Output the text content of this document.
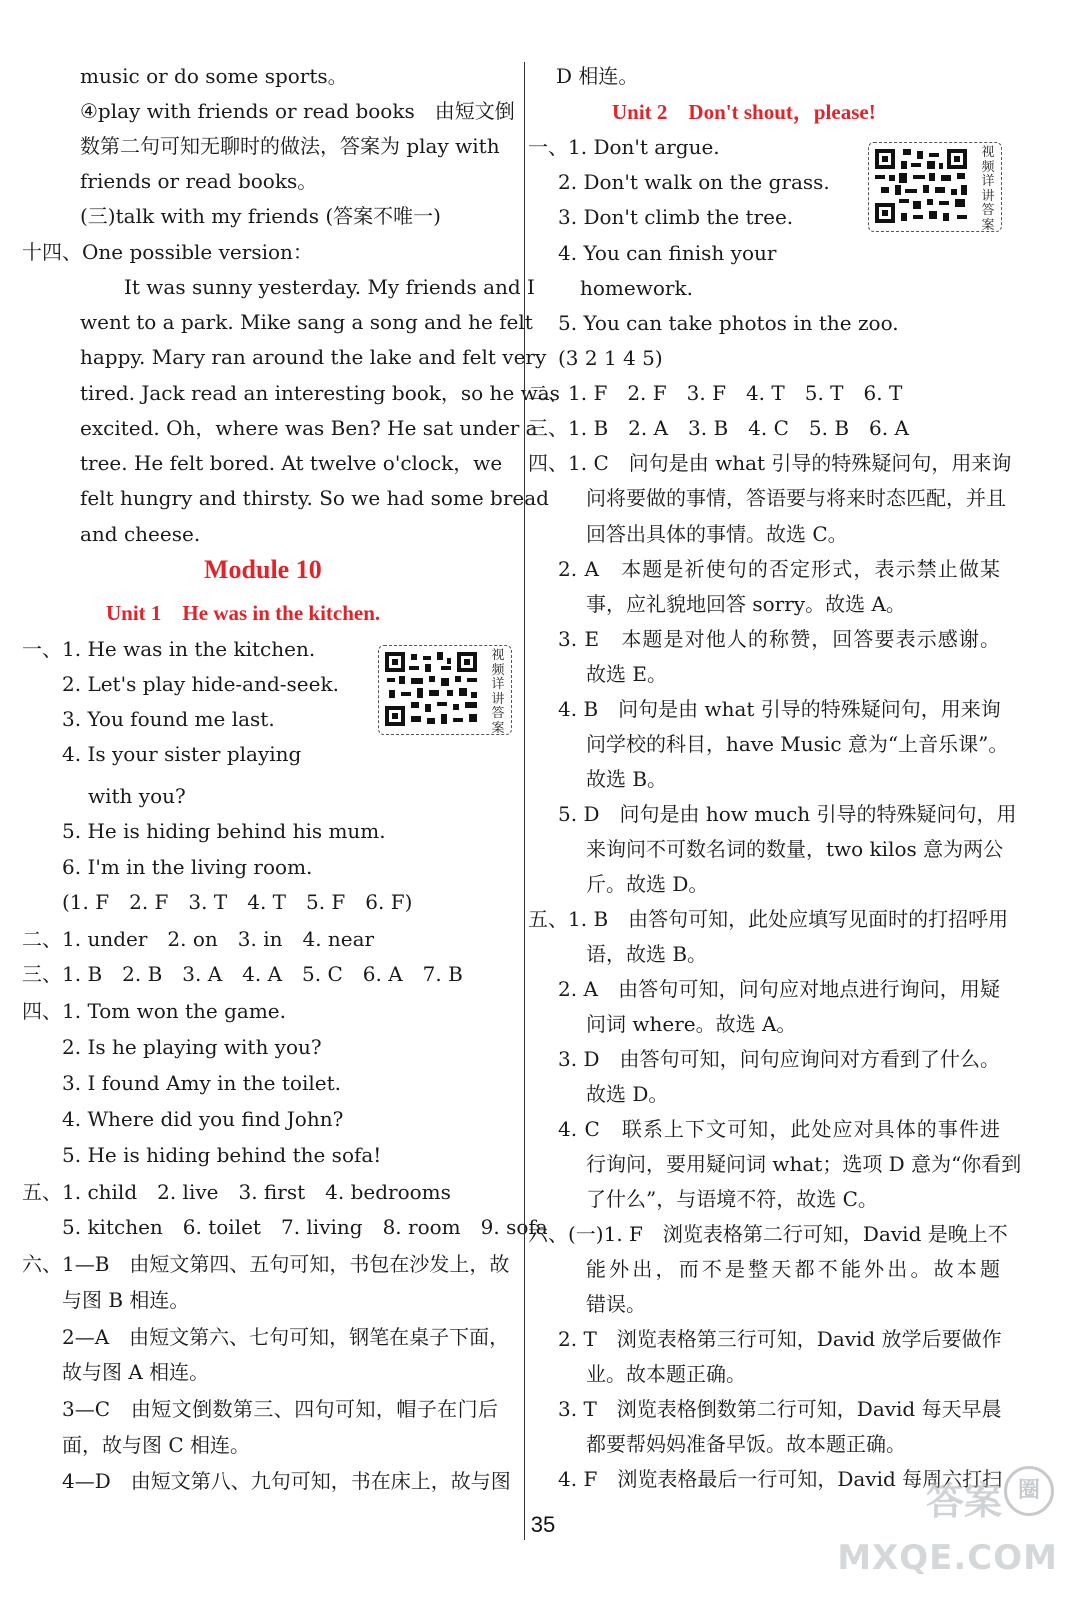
music or do some sports。
④play with friends or read books　由短文倒
数第二句可知无聊时的做法，答案为 play with
friends or read books。
(三)talk with my friends (答案不唯一)
十四、One possible version：
It was sunny yesterday. My friends and I
went to a park. Mike sang a song and he felt
happy. Mary ran around the lake and felt very
tired. Jack read an interesting book，so he was
excited. Oh，where was Ben? He sat under a
tree. He felt bored. At twelve o'clock，we
felt hungry and thirsty. So we had some bread
and cheese.
Module 10
Unit 1　He was in the kitchen.
一、1. He was in the kitchen.
2. Let's play hide-and-seek.
3. You found me last.
4. Is your sister playing
with you?
5. He is hiding behind his mum.
6. I'm in the living room.
(1. F　2. F　3. T　4. T　5. F　6. F)
二、1. under　2. on　3. in　4. near
三、1. B　2. B　3. A　4. A　5. C　6. A　7. B
四、1. Tom won the game.
2. Is he playing with you?
3. I found Amy in the toilet.
4. Where did you find John?
5. He is hiding behind the sofa!
五、1. child　2. live　3. first　4. bedrooms
5. kitchen　6. toilet　7. living　8. room　9. sofa
六、1—B　由短文第四、五句可知，书包在沙发上，故
与图 B 相连。
2—A　由短文第六、七句可知，钢笔在桌子下面，
故与图 A 相连。
3—C　由短文倒数第三、四句可知，帽子在门后
面，故与图 C 相连。
4—D　由短文第八、九句可知，书在床上，故与图
视频详讲答案
D 相连。
Unit 2　Don't shout，please!
一、1. Don't argue.
2. Don't walk on the grass.
3. Don't climb the tree.
4. You can finish your
homework.
5. You can take photos in the zoo.
(3 2 1 4 5)
二、1. F　2. F　3. F　4. T　5. T　6. T
三、1. B　2. A　3. B　4. C　5. B　6. A
四、1. C　问句是由 what 引导的特殊疑问句，用来询
问将要做的事情，答语要与将来时态匹配，并且
回答出具体的事情。故选 C。
2. A　本题是祈使句的否定形式，表示禁止做某
事，应礼貌地回答 sorry。故选 A。
3. E　本题是对他人的称赞，回答要表示感谢。
故选 E。
4. B　问句是由 what 引导的特殊疑问句，用来询
问学校的科目，have Music 意为“上音乐课”。
故选 B。
5. D　问句是由 how much 引导的特殊疑问句，用
来询问不可数名词的数量，two kilos 意为两公
斤。故选 D。
五、1. B　由答句可知，此处应填写见面时的打招呼用
语，故选 B。
2. A　由答句可知，问句应对地点进行询问，用疑
问词 where。故选 A。
3. D　由答句可知，问句应询问对方看到了什么。
故选 D。
4. C　联系上下文可知，此处应对具体的事件进
行询问，要用疑问词 what；选项 D 意为“你看到
了什么”，与语境不符，故选 C。
六、(一)1. F　浏览表格第二行可知，David 是晚上不
能外出，而不是整天都不能外出。故本题
错误。
2. T　浏览表格第三行可知，David 放学后要做作
业。故本题正确。
3. T　浏览表格倒数第二行可知，David 每天早晨
都要帮妈妈准备早饭。故本题正确。
4. F　浏览表格最后一行可知，David 每周六打扫
视频详讲答案
35
答案 圈
MXQE.COM
